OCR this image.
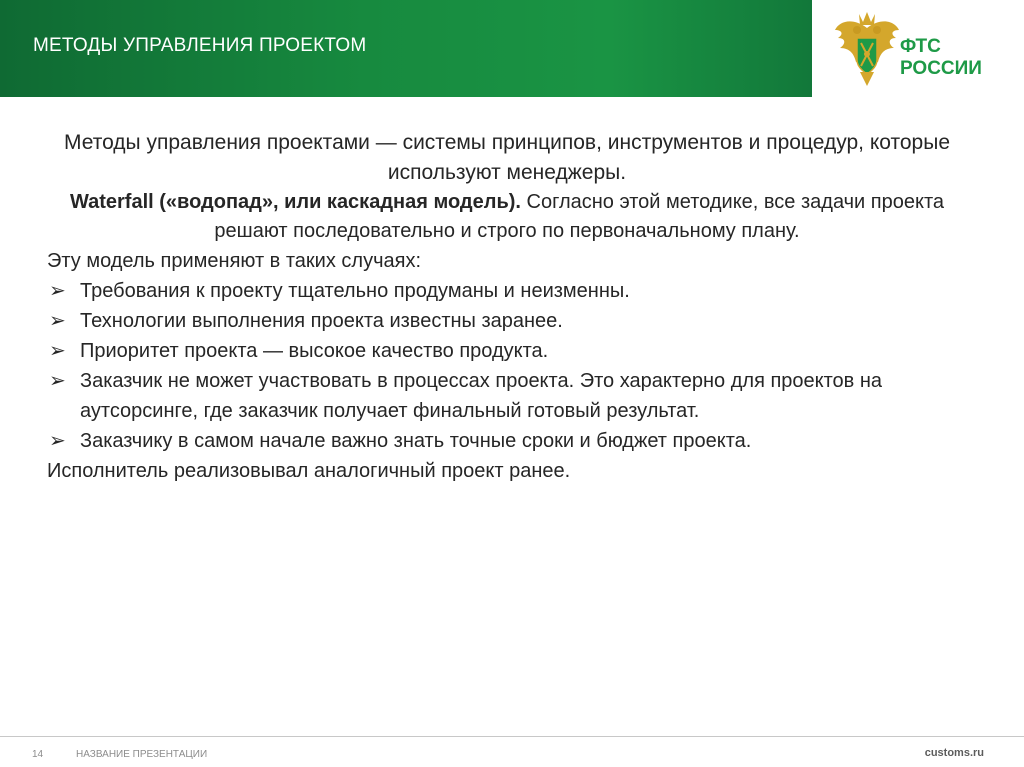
МЕТОДЫ УПРАВЛЕНИЯ ПРОЕКТОМ	ФТС
РОССИИ

Методы управления проектами — системы принципов, инструментов и процедур, которые используют менеджеры.

Waterfall («водопад», или каскадная модель). Согласно этой методике, все задачи проекта решают последовательно и строго по первоначальному плану.

Эту модель применяют в таких случаях:

➢ Требования к проекту тщательно продуманы и неизменны.
➢ Технологии выполнения проекта известны заранее.
➢ Приоритет проекта — высокое качество продукта.
➢ Заказчик не может участвовать в процессах проекта. Это характерно для проектов на аутсорсинге, где заказчик получает финальный готовый результат.
➢ Заказчику в самом начале важно знать точные сроки и бюджет проекта.

Исполнитель реализовывал аналогичный проект ранее.

14	НАЗВАНИЕ ПРЕЗЕНТАЦИИ	customs.ru
